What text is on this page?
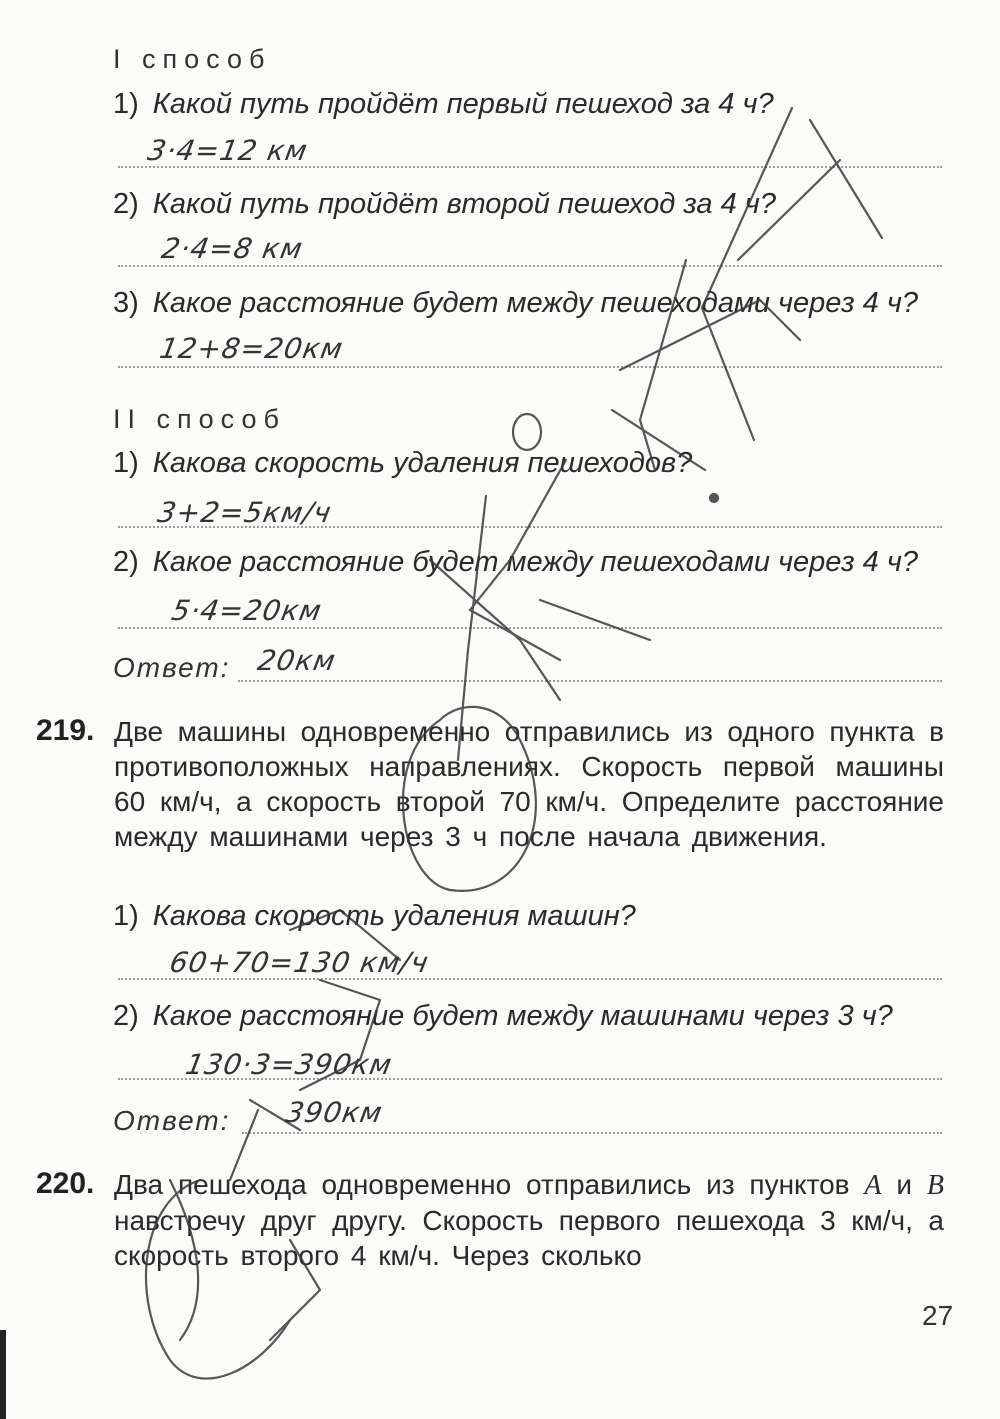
I способ
1) Какой путь пройдёт первый пешеход за 4 ч?
3·4=12 км
2) Какой путь пройдёт второй пешеход за 4 ч?
2·4=8 км
3) Какое расстояние будет между пешеходами через 4 ч?
12+8=20км
II способ
1) Какова скорость удаления пешеходов?
3+2=5км/ч
2) Какое расстояние будет между пешеходами через 4 ч?
5·4=20км
Ответ: 20км
219. Две машины одновременно отправились из одного пункта в противоположных направлениях. Скорость первой машины 60 км/ч, а скорость второй 70 км/ч. Определите расстояние между машинами через 3 ч после начала движения.
1) Какова скорость удаления машин?
60+70=130 км/ч
2) Какое расстояние будет между машинами через 3 ч?
130·3=390км
Ответ: 390км
220. Два пешехода одновременно отправились из пунктов A и B навстречу друг другу. Скорость первого пешехода 3 км/ч, а скорость второго 4 км/ч. Через сколько
27
